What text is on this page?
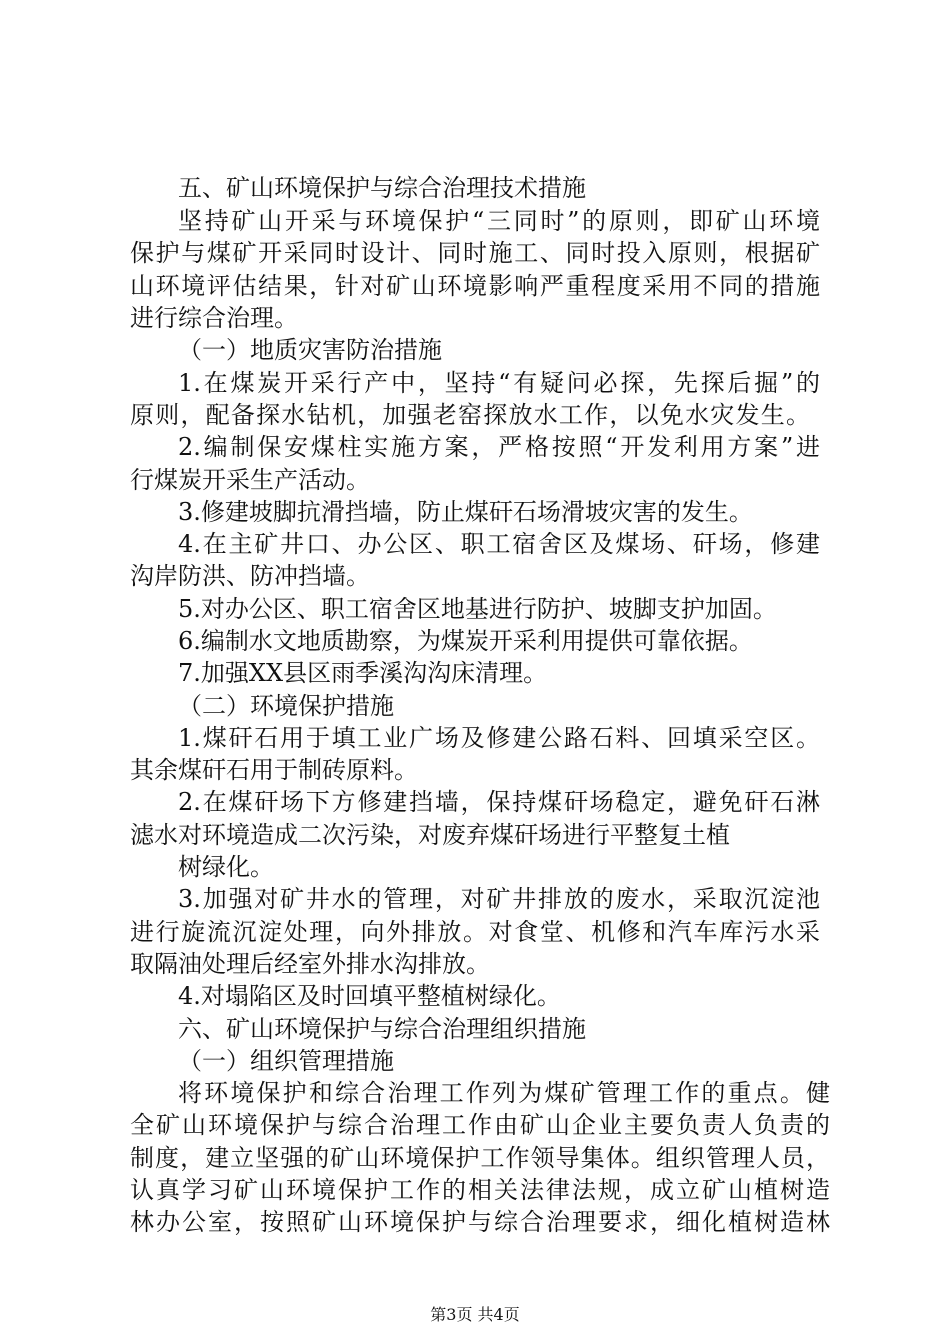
五、矿山环境保护与综合治理技术措施
坚持矿山开采与环境保护“三同时”的原则，即矿山环境
保护与煤矿开采同时设计、同时施工、同时投入原则，根据矿
山环境评估结果，针对矿山环境影响严重程度采用不同的措施
进行综合治理。
（一）地质灾害防治措施
1.在煤炭开采行产中，坚持“有疑问必探，先探后掘”的
原则，配备探水钻机，加强老窑探放水工作，以免水灾发生。
2.编制保安煤柱实施方案，严格按照“开发利用方案”进
行煤炭开采生产活动。
3.修建坡脚抗滑挡墙，防止煤矸石场滑坡灾害的发生。
4.在主矿井口、办公区、职工宿舍区及煤场、矸场，修建
沟岸防洪、防冲挡墙。
5.对办公区、职工宿舍区地基进行防护、坡脚支护加固。
6.编制水文地质勘察，为煤炭开采利用提供可靠依据。
7.加强XX县区雨季溪沟沟床清理。
（二）环境保护措施
1.煤矸石用于填工业广场及修建公路石料、回填采空区。
其余煤矸石用于制砖原料。
2.在煤矸场下方修建挡墙，保持煤矸场稳定，避免矸石淋
滤水对环境造成二次污染，对废弃煤矸场进行平整复土植
树绿化。
3.加强对矿井水的管理，对矿井排放的废水，采取沉淀池
进行旋流沉淀处理，向外排放。对食堂、机修和汽车库污水采
取隔油处理后经室外排水沟排放。
4.对塌陷区及时回填平整植树绿化。
六、矿山环境保护与综合治理组织措施
（一）组织管理措施
将环境保护和综合治理工作列为煤矿管理工作的重点。健
全矿山环境保护与综合治理工作由矿山企业主要负责人负责的
制度，建立坚强的矿山环境保护工作领导集体。组织管理人员，
认真学习矿山环境保护工作的相关法律法规，成立矿山植树造
林办公室，按照矿山环境保护与综合治理要求，细化植树造林
第3页 共4页
